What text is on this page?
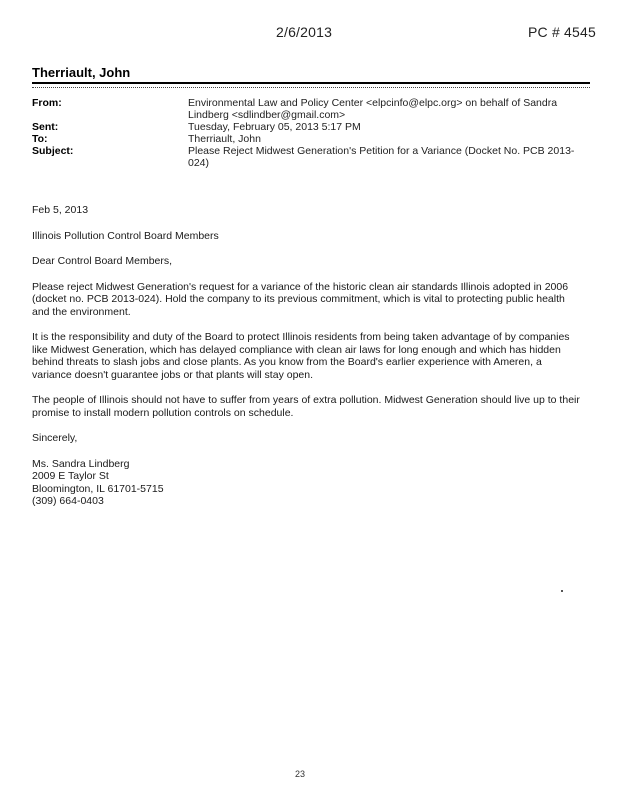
2/6/2013	PC # 4545
Therriault, John
From:	Environmental Law and Policy Center <elpcinfo@elpc.org> on behalf of Sandra Lindberg <sdlindber@gmail.com>
Sent:	Tuesday, February 05, 2013 5:17 PM
To:	Therriault, John
Subject:	Please Reject Midwest Generation's Petition for a Variance (Docket No. PCB 2013-024)

Feb 5, 2013

Illinois Pollution Control Board Members

Dear Control Board Members,

Please reject Midwest Generation's request for a variance of the historic clean air standards Illinois adopted in 2006 (docket no. PCB 2013-024). Hold the company to its previous commitment, which is vital to protecting public health and the environment.

It is the responsibility and duty of the Board to protect Illinois residents from being taken advantage of by companies like Midwest Generation, which has delayed compliance with clean air laws for long enough and which has hidden behind threats to slash jobs and close plants. As you know from the Board's earlier experience with Ameren, a variance doesn't guarantee jobs or that plants will stay open.

The people of Illinois should not have to suffer from years of extra pollution. Midwest Generation should live up to their promise to install modern pollution controls on schedule.

Sincerely,

Ms. Sandra Lindberg
2009 E Taylor St
Bloomington, IL 61701-5715
(309) 664-0403
23
